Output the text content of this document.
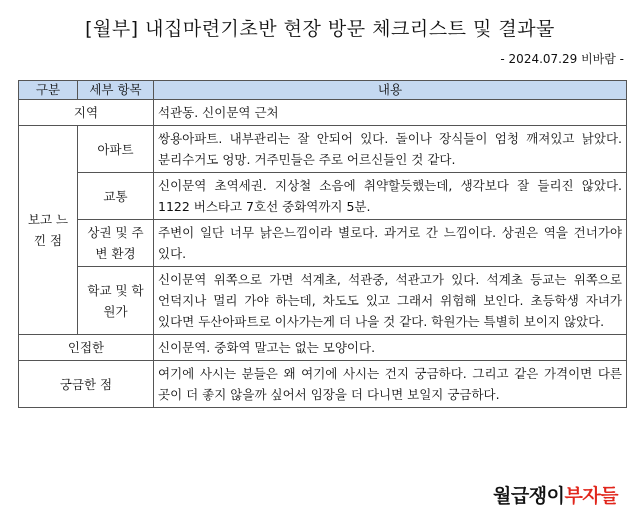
[월부] 내집마련기초반 현장 방문 체크리스트 및 결과물
- 2024.07.29 비바람 -
구분	세부 항목	내용
지역		석관동. 신이문역 근처
보고 느낀 점	아파트	쌍용아파트. 내부관리는 잘 안되어 있다. 돌이나 장식들이 엄청 깨져있고 낡았다. 분리수거도 엉망. 거주민들은 주로 어르신들인 것 같다.
	교통	신이문역 초역세권. 지상철 소음에 취약할듯했는데, 생각보다 잘 들리진 않았다. 1122 버스타고 7호선 중화역까지 5분.
	상권 및 주변 환경	주변이 일단 너무 낡은느낌이라 별로다. 과거로 간 느낌이다. 상권은 역을 건너가야 있다.
	학교 및 학원가	신이문역 위쪽으로 가면 석계초, 석관중, 석관고가 있다. 석계초 등교는 위쪽으로 언덕지나 멀리 가야 하는데, 차도도 있고 그래서 위험해 보인다. 초등학생 자녀가 있다면 두산아파트로 이사가는게 더 나을 것 같다. 학원가는 특별히 보이지 않았다.
인접한		신이문역. 중화역 말고는 없는 모양이다.
궁금한 점		여기에 사시는 분들은 왜 여기에 사시는 건지 궁금하다. 그리고 같은 가격이면 다른 곳이 더 좋지 않을까 싶어서 임장을 더 다니면 보일지 궁금하다.
월급쟁이부자들
